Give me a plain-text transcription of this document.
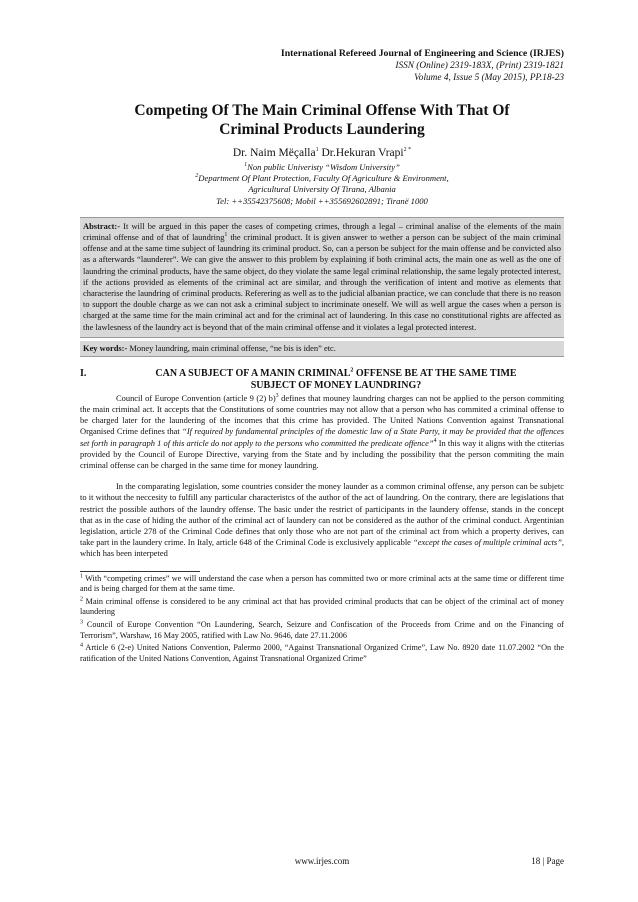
International Refereed Journal of Engineering and Science (IRJES)
ISSN (Online) 2319-183X, (Print) 2319-1821
Volume 4, Issue 5 (May 2015), PP.18-23
Competing Of The Main Criminal Offense With That Of
Criminal Products Laundering
Dr. Naim Mëçalla$^1$ Dr.Hekuran Vrapi$^{2 *}$
$^1$Non public Univeristy “Wisdom University”
$^2$Department Of Plant Protection, Faculty Of Agriculture & Environment,
Agricultural University Of Tirana, Albania
Tel: ++35542375608; Mobil ++355692602891; Tiranë 1000
Abstract:- It will be argued in this paper the cases of competing crimes, through a legal – criminal analise of the elements of the main criminal offense and of that of laundring$^1$ the criminal product. It is given answer to wether a person can be subject of the main criminal offense and at the same time subject of laundring its criminal product. So, can a person be subject for the main offense and be convicted also as a afterwards “launderer”. We can give the answer to this problem by explaining if both criminal acts, the main one as well as the one of laundring the criminal products, have the same object, do they violate the same legal criminal relationship, the same legaly protected interest, if the actions provided as elements of the criminal act are similar, and through the verification of intent and motive as elements that characterise the laundring of criminal products. Referering as well as to the judicial albanian practice, we can conclude that there is no reason to support the double charge as we can not ask a criminal subject to incriminate oneself. We will as well argue the cases when a person is charged at the same time for the main criminal act and for the criminal act of laundering. In this case no constitutional rights are affected as the lawlesness of the laundry act is beyond that of the main criminal offense and it violates a legal protected interest.
Key words:- Money laundring, main criminal offense, “ne bis is iden” etc.
I.	CAN A SUBJECT OF A MANIN CRIMINAL$^2$ OFFENSE BE AT THE SAME TIME
SUBJECT OF MONEY LAUNDRING?

Council of Europe Convention (article 9 (2) b)$^3$ defines that mouney laundring charges can not be applied to the person commiting the main criminal act. It accepts that the Constitutions of some countries may not allow that a person who has commited a criminal offense to be charged later for the laundering of the incomes that this crime has provided. The United Nations Convention against Transnational Organised Crime defines that “If required by fundamental principles of the domestic law of a State Party, it may be provided that the offences set forth in paragraph 1 of this article do not apply to the persons who committed the predicate offence”$^4$ In this way it aligns with the ctiterias provided by the Council of Europe Directive, varying from the State and by including the possibility that the person commiting the main criminal offense can be charged in the same time for money laundring.

In the comparating legislation, some countries consider the money launder as a common criminal offense, any person can be subjetc to it without the neccesity to fulfill any particular characteristcs of the author of the act of laundring. On the contrary, there are legislations that restrict the possible authors of the laundry offense. The basic under the restrict of participants in the laundery offense, stands in the concept that as in the case of hiding the author of the criminal act of laundery can not be considered as the author of the criminal conduct. Argentinian legislation, article 278 of the Criminal Code defines that only those who are not part of the criminal act from which a property derives, can take part in the laundery crime. In Italy, article 648 of the Criminal Code is exclusively applicable “except the cases of multiple criminal acts”, which has been interpeted

$^1$ With “competing crimes” we will understand the case when a person has committed two or more criminal acts at the same time or different time and is being charged for them at the same time.
$^2$ Main criminal offense is considered to be any criminal act that has provided criminal products that can be object of the criminal act of money laundering
$^3$ Council of Europe Convention “On Laundering, Search, Seizure and Confiscation of the Proceeds from Crime and on the Financing of Terrorism”, Warshaw, 16 May 2005, ratified with Law No. 9646, date 27.11.2006
$^4$ Article 6 (2-e) United Nations Convention, Palermo 2000, “Against Transnational Organized Crime”, Law No. 8920 date 11.07.2002 “On the ratification of the United Nations Convention, Against Transnational Organized Crime”
www.irjes.com	18 | Page
